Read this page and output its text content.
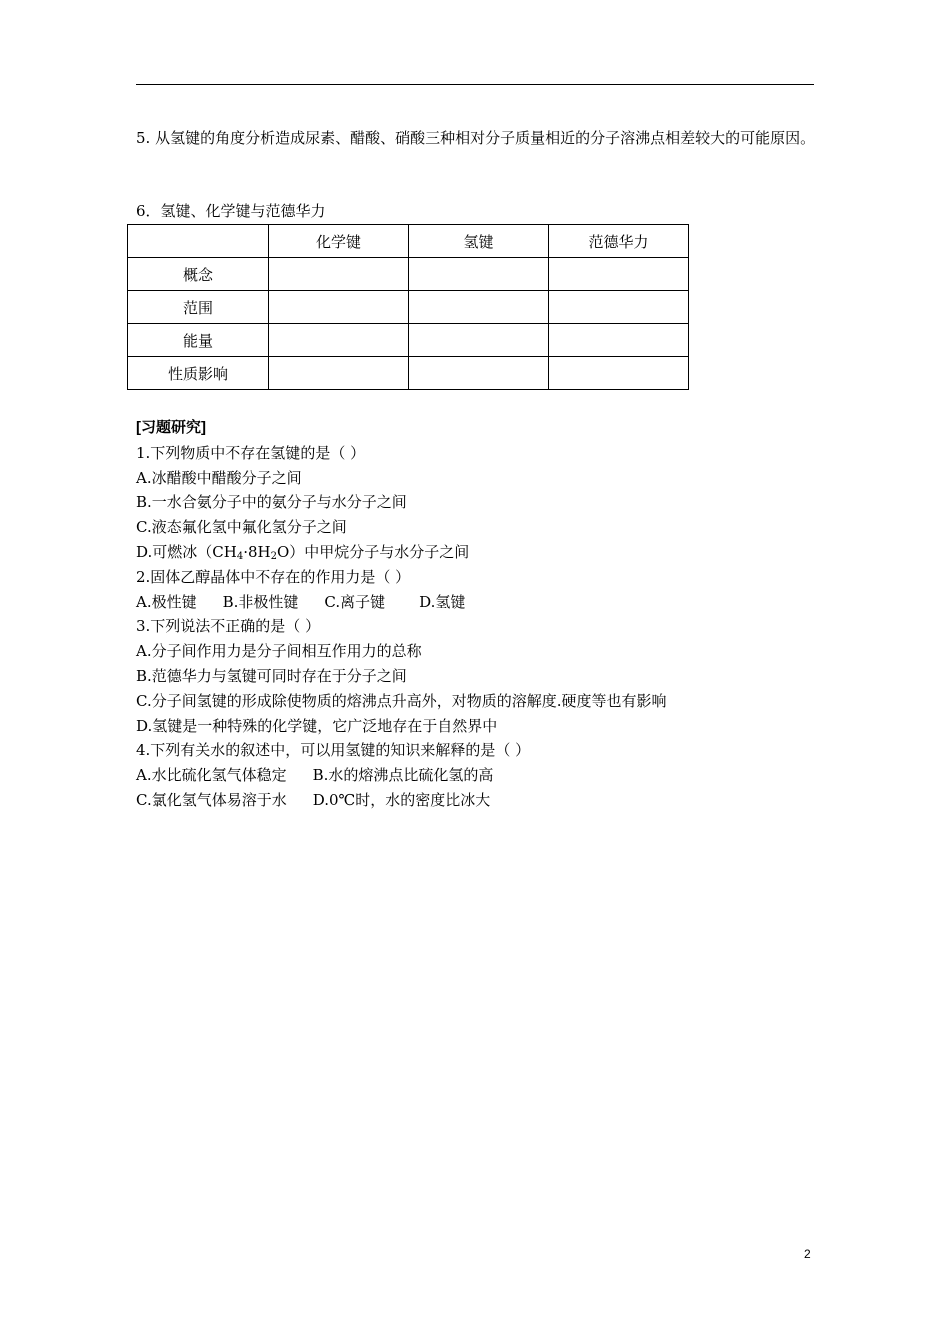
5. 从氢键的角度分析造成尿素、醋酸、硝酸三种相对分子质量相近的分子溶沸点相差较大的可能原因。
6．氢键、化学键与范德华力
	化学键	氢键	范德华力
概念			
范围			
能量			
性质影响			
[习题研究]
1.下列物质中不存在氢键的是（ ）
A.冰醋酸中醋酸分子之间
B.一水合氨分子中的氨分子与水分子之间
C.液态氟化氢中氟化氢分子之间
D.可燃冰$(CH_4\cdot 8H_2O)$中甲烷分子与水分子之间
2.固体乙醇晶体中不存在的作用力是（ ）
A.极性键 B.非极性键 C.离子键 D.氢键
3.下列说法不正确的是（ ）
A.分子间作用力是分子间相互作用力的总称
B.范德华力与氢键可同时存在于分子之间
C.分子间氢键的形成除使物质的熔沸点升高外，对物质的溶解度.硬度等也有影响
D.氢键是一种特殊的化学键，它广泛地存在于自然界中
4.下列有关水的叙述中，可以用氢键的知识来解释的是（ ）
A.水比硫化氢气体稳定 B.水的熔沸点比硫化氢的高
C.氯化氢气体易溶于水 D.0℃时，水的密度比冰大
2
